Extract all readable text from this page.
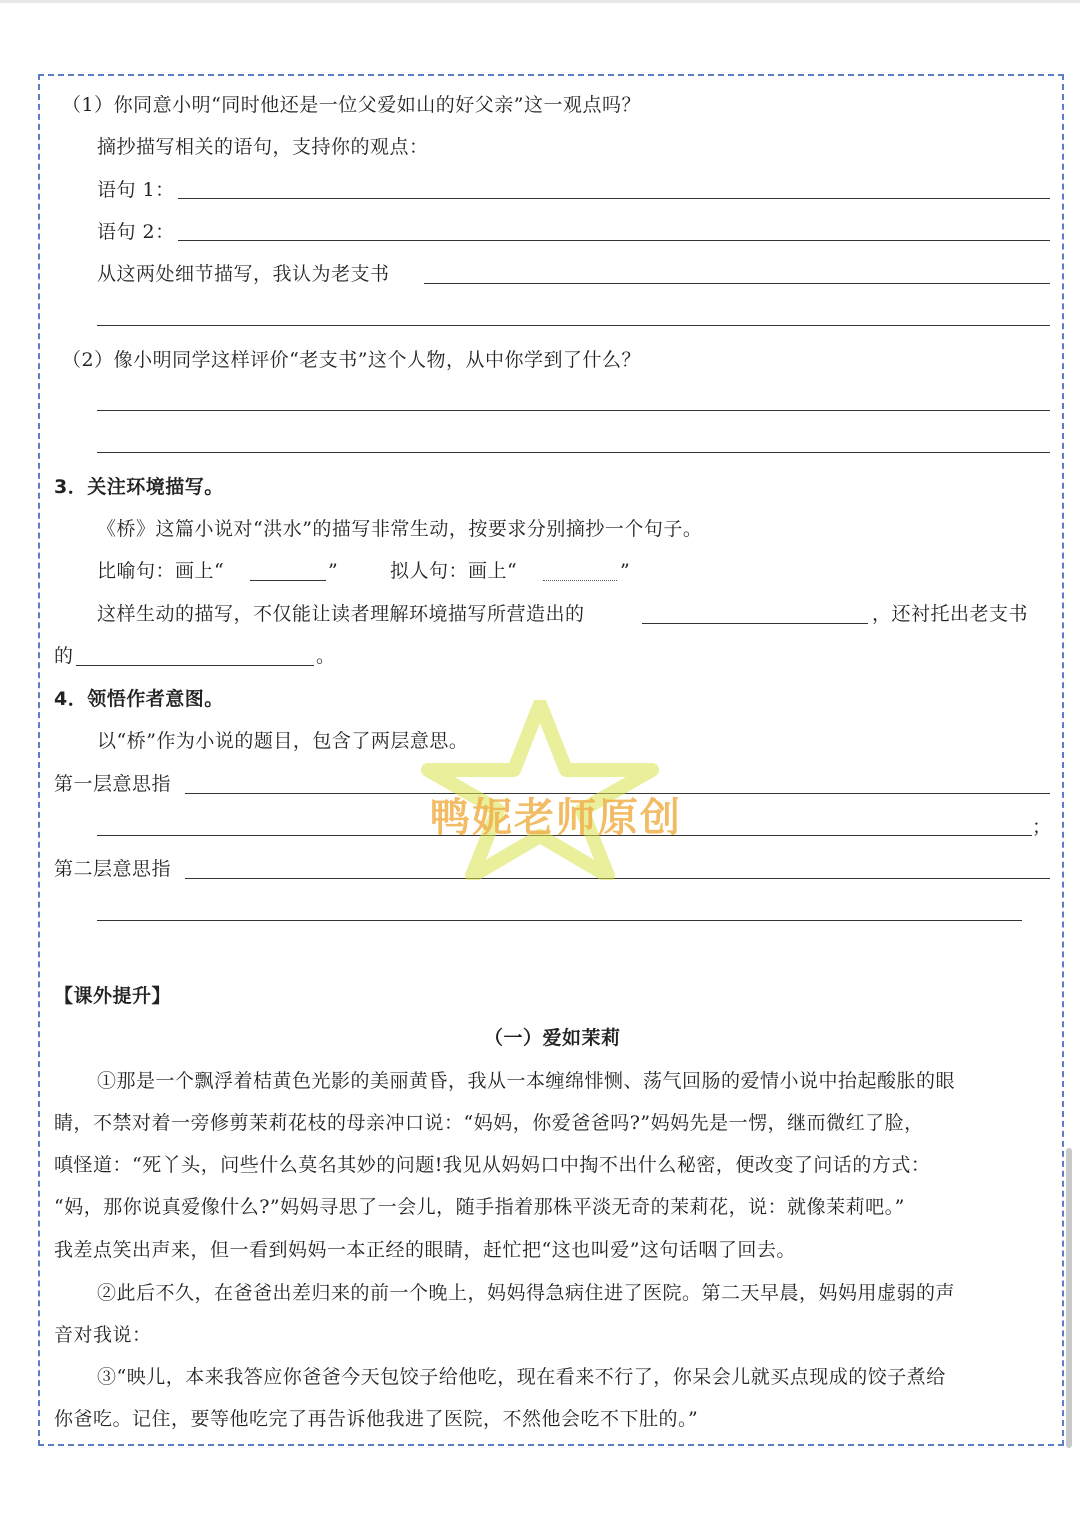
（1）你同意小明“同时他还是一位父爱如山的好父亲”这一观点吗？
摘抄描写相关的语句，支持你的观点：
语句 1：
语句 2：
从这两处细节描写，我认为老支书
（2）像小明同学这样评价“老支书”这个人物，从中你学到了什么？
3．关注环境描写。
《桥》这篇小说对“洪水”的描写非常生动，按要求分别摘抄一个句子。
比喻句：画上“	”	拟人句：画上“	”
这样生动的描写，不仅能让读者理解环境描写所营造出的	，还衬托出老支书
的	。
4．领悟作者意图。
以“桥”作为小说的题目，包含了两层意思。
第一层意思指
；
第二层意思指
鸭妮老师原创
【课外提升】
（一）爱如茉莉
①那是一个飘浮着桔黄色光影的美丽黄昏，我从一本缠绵悱恻、荡气回肠的爱情小说中抬起酸胀的眼
睛，不禁对着一旁修剪茉莉花枝的母亲冲口说：“妈妈，你爱爸爸吗?”妈妈先是一愣，继而微红了脸，
嗔怪道：“死丫头，问些什么莫名其妙的问题!我见从妈妈口中掏不出什么秘密，便改变了问话的方式：
“妈，那你说真爱像什么?”妈妈寻思了一会儿，随手指着那株平淡无奇的茉莉花，说：就像茉莉吧。”
我差点笑出声来，但一看到妈妈一本正经的眼睛，赶忙把“这也叫爱”这句话咽了回去。
②此后不久，在爸爸出差归来的前一个晚上，妈妈得急病住进了医院。第二天早晨，妈妈用虚弱的声
音对我说：
③“映儿，本来我答应你爸爸今天包饺子给他吃，现在看来不行了，你呆会儿就买点现成的饺子煮给
你爸吃。记住，要等他吃完了再告诉他我进了医院，不然他会吃不下肚的。”
